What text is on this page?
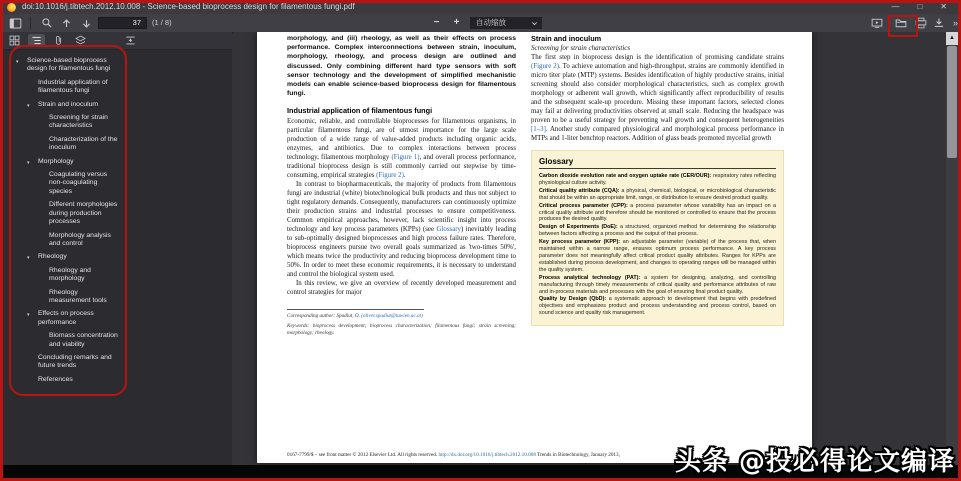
doi:10.1016/j.tibtech.2012.10.008 - Science-based bioprocess design for filamentous fungi.pdf	— □ ✕
37	(1 / 8)	−	+	自动缩放	»
▾ Science-based bioprocess design for filamentous fungi
Industrial application of filamentous fungi
▾ Strain and inoculum
Screening for strain characteristics
Characterization of the inoculum
▾ Morphology
Coagulating versus non-coagulating species
Different morphologies during production processes
Morphology analysis and control
▾ Rheology
Rheology and morphology
Rheology measurement tools
▾ Effects on process performance
Biomass concentration and viability
Concluding remarks and future trends
References
morphology, and (iii) rheology, as well as their effects on process performance. Complex interconnections between strain, inoculum, morphology, rheology, and process design are outlined and discussed. Only combining different hard type sensors with soft sensor technology and the development of simplified mechanistic models can enable science-based bioprocess design for filamentous fungi.
Industrial application of filamentous fungi

Economic, reliable, and controllable bioprocesses for filamentous organisms, in particular filamentous fungi, are of utmost importance for the large scale production of a wide range of value-added products including organic acids, enzymes, and antibiotics. Due to complex interactions between process technology, filamentous morphology (Figure 1), and overall process performance, traditional bioprocess design is still commonly carried out stepwise by time-consuming, empirical strategies (Figure 2).

In contrast to biopharmaceuticals, the majority of products from filamentous fungi are industrial (white) biotechnological bulk products and thus not subject to tight regulatory demands. Consequently, manufacturers can continuously optimize their production strains and industrial processes to ensure competitiveness. Common empirical approaches, however, lack scientific insight into process technology and key process parameters (KPPs) (see Glossary) inevitably leading to sub-optimally designed bioprocesses and high process failure rates. Therefore, bioprocess engineers pursue two overall goals summarized as 'two-times 50%', which means twice the productivity and reducing bioprocess development time to 50%. In order to meet these economic requirements, it is necessary to understand and control the biological system used.

In this review, we give an overview of recently developed measurement and control strategies for major

Corresponding author: Spadiut, O. (oliver.spadiut@tuwien.ac.at)
Keywords: bioprocess development; bioprocess characterization; filamentous fungi; strain screening; morphology; rheology.
Strain and inoculum
Screening for strain characteristics

The first step in bioprocess design is the identification of promising candidate strains (Figure 2). To achieve automation and high-throughput, strains are commonly identified in micro titer plate (MTP) systems. Besides identification of highly productive strains, initial screening should also consider morphological characteristics, such as complex growth morphology or adherent wall growth, which significantly affect reproducibility of results and the subsequent scale-up procedure. Missing these important factors, selected clones may fail at delivering productivities observed at small scale. Reducing the headspace was proven to be a useful strategy for preventing wall growth and consequent heterogeneities [1–3]. Another study compared physiological and morphological process performance in MTPs and 1-liter benchtop reactors. Addition of glass beads promoted mycelial growth

Glossary
Carbon dioxide evolution rate and oxygen uptake rate (CER/OUR): respiratory rates reflecting physiological culture activity.
Critical quality attribute (CQA): a physical, chemical, biological, or microbiological characteristic that should be within an appropriate limit, range, or distribution to ensure desired product quality.
Critical process parameter (CPP): a process parameter whose variability has an impact on a critical quality attribute and therefore should be monitored or controlled to ensure that the process produces the desired quality.
Design of Experiments (DoE): a structured, organized method for determining the relationship between factors affecting a process and the output of that process.
Key process parameter (KPP): an adjustable parameter (variable) of the process that, when maintained within a narrow range, ensures optimum process performance. A key process parameter does not meaningfully affect critical product quality attributes. Ranges for KPPs are established during process development, and changes to operating ranges will be managed within the quality system.
Process analytical technology (PAT): a system for designing, analyzing, and controlling manufacturing through timely measurements of critical quality and performance attributes of raw and in-process materials and processes with the goal of ensuring final product quality.
Quality by Design (QbD): a systematic approach to development that begins with predefined objectives and emphasizes product and process understanding and process control, based on sound science and quality risk management.
0167-7799/$ – see front matter © 2012 Elsevier Ltd. All rights reserved. http://dx.doi.org/10.1016/j.tibtech.2012.10.008 Trends in Biotechnology, January 2013,
▲
头条 @投必得论文编译
